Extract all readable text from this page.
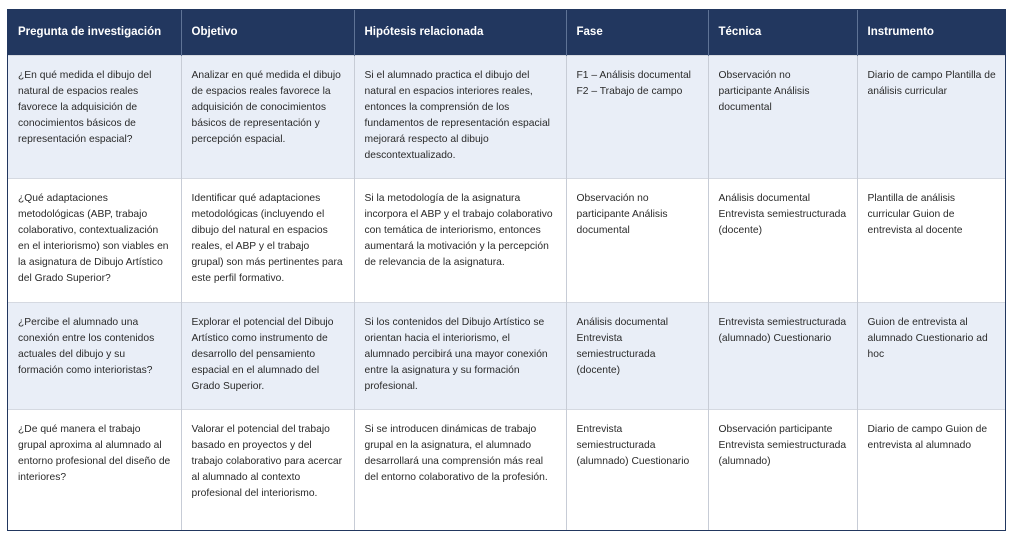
Pregunta de investigación	Objetivo	Hipótesis relacionada	Fase	Técnica	Instrumento
¿En qué medida el dibujo del natural de espacios reales favorece la adquisición de conocimientos básicos de representación espacial?	Analizar en qué medida el dibujo de espacios reales favorece la adquisición de conocimientos básicos de representación y percepción espacial.	Si el alumnado practica el dibujo del natural en espacios interiores reales, entonces la comprensión de los fundamentos de representación espacial mejorará respecto al dibujo descontextualizado.	F1 – Análisis documental F2 – Trabajo de campo	Observación no participante Análisis documental	Diario de campo Plantilla de análisis curricular
¿Qué adaptaciones metodológicas (ABP, trabajo colaborativo, contextualización en el interiorismo) son viables en la asignatura de Dibujo Artístico del Grado Superior?	Identificar qué adaptaciones metodológicas (incluyendo el dibujo del natural en espacios reales, el ABP y el trabajo grupal) son más pertinentes para este perfil formativo.	Si la metodología de la asignatura incorpora el ABP y el trabajo colaborativo con temática de interiorismo, entonces aumentará la motivación y la percepción de relevancia de la asignatura.	Observación no participante Análisis documental	Análisis documental Entrevista semiestructurada (docente)	Plantilla de análisis curricular Guion de entrevista al docente
¿Percibe el alumnado una conexión entre los contenidos actuales del dibujo y su formación como interioristas?	Explorar el potencial del Dibujo Artístico como instrumento de desarrollo del pensamiento espacial en el alumnado del Grado Superior.	Si los contenidos del Dibujo Artístico se orientan hacia el interiorismo, el alumnado percibirá una mayor conexión entre la asignatura y su formación profesional.	Análisis documental Entrevista semiestructurada (docente)	Entrevista semiestructurada (alumnado) Cuestionario	Guion de entrevista al alumnado Cuestionario ad hoc
¿De qué manera el trabajo grupal aproxima al alumnado al entorno profesional del diseño de interiores?	Valorar el potencial del trabajo basado en proyectos y del trabajo colaborativo para acercar al alumnado al contexto profesional del interiorismo.	Si se introducen dinámicas de trabajo grupal en la asignatura, el alumnado desarrollará una comprensión más real del entorno colaborativo de la profesión.	Entrevista semiestructurada (alumnado) Cuestionario	Observación participante Entrevista semiestructurada (alumnado)	Diario de campo Guion de entrevista al alumnado
